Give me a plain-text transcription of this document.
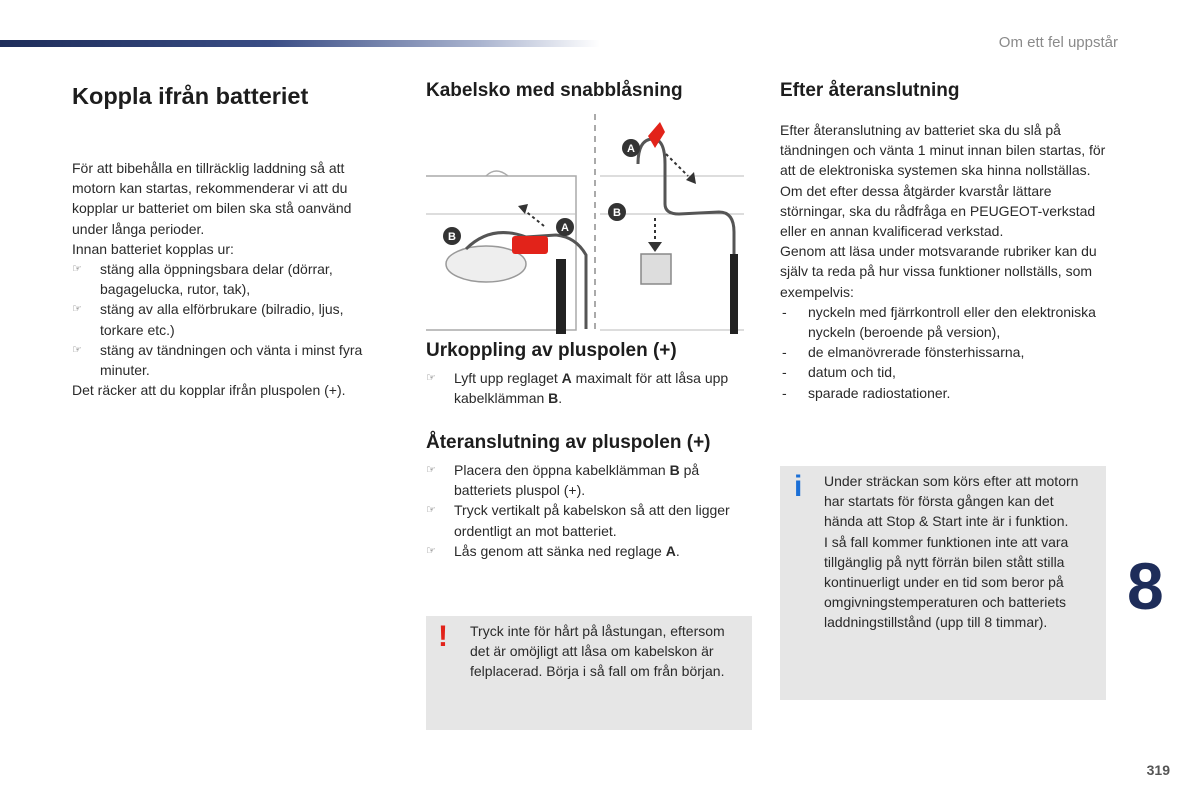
Om ett fel uppstår
Koppla ifrån batteriet

För att bibehålla en tillräcklig laddning så att motorn kan startas, rekommenderar vi att du kopplar ur batteriet om bilen ska stå oanvänd under långa perioder.

Innan batteriet kopplas ur:

☞ stäng alla öppningsbara delar (dörrar, bagagelucka, rutor, tak),
☞ stäng av alla elförbrukare (bilradio, ljus, torkare etc.)
☞ stäng av tändningen och vänta i minst fyra minuter.

Det räcker att du kopplar ifrån pluspolen (+).

Kabelsko med snabblåsning
A
B
A
B
Urkoppling av pluspolen (+)
☞ Lyft upp reglaget A maximalt för att låsa upp kabelklämman B.
Återanslutning av pluspolen (+)
☞ Placera den öppna kabelklämman B på batteriets pluspol (+).
☞ Tryck vertikalt på kabelskon så att den ligger ordentligt an mot batteriet.
☞ Lås genom att sänka ned reglage A.
! Tryck inte för hårt på låstungan, eftersom det är omöjligt att låsa om kabelskon är felplacerad. Börja i så fall om från början.

Efter återanslutning

Efter återanslutning av batteriet ska du slå på tändningen och vänta 1 minut innan bilen startas, för att de elektroniska systemen ska hinna nollställas.

Om det efter dessa åtgärder kvarstår lättare störningar, ska du rådfråga en PEUGEOT-verkstad eller en annan kvalificerad verkstad.

Genom att läsa under motsvarande rubriker kan du själv ta reda på hur vissa funktioner nollställs, som exempelvis:

- nyckeln med fjärrkontroll eller den elektroniska nyckeln (beroende på version),
- de elmanövrerade fönsterhissarna,
- datum och tid,
- sparade radiostationer.
i Under sträckan som körs efter att motorn har startats för första gången kan det hända att Stop & Start inte är i funktion.
I så fall kommer funktionen inte att vara tillgänglig på nytt förrän bilen stått stilla kontinuerligt under en tid som beror på omgivningstemperaturen och batteriets laddningstillstånd (upp till 8 timmar).	8
319
